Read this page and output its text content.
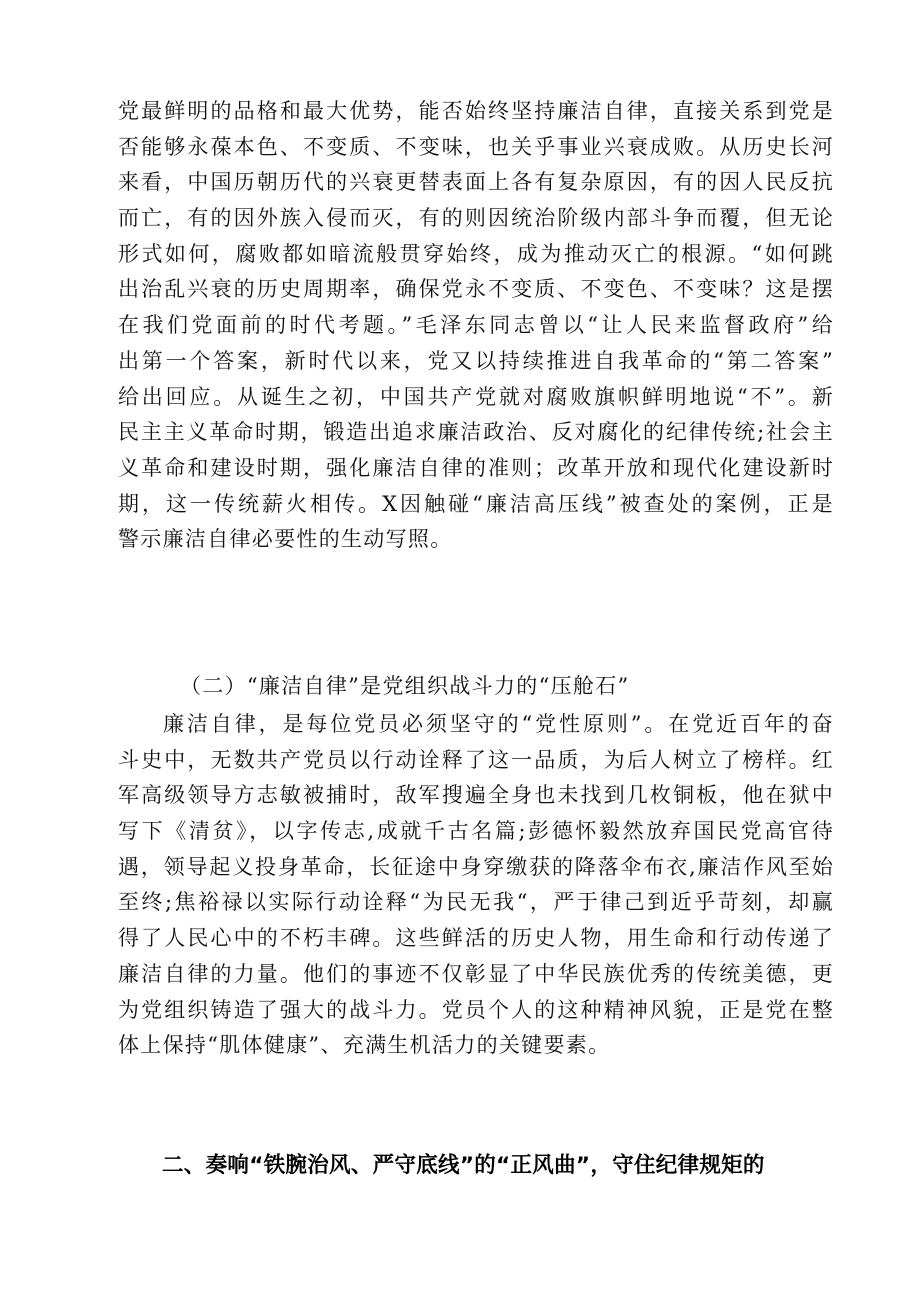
党最鲜明的品格和最大优势，能否始终坚持廉洁自律，直接关系到党是
否能够永葆本色、不变质、不变味，也关乎事业兴衰成败。从历史长河
来看，中国历朝历代的兴衰更替表面上各有复杂原因，有的因人民反抗
而亡，有的因外族入侵而灭，有的则因统治阶级内部斗争而覆，但无论
形式如何，腐败都如暗流般贯穿始终，成为推动灭亡的根源。“如何跳
出治乱兴衰的历史周期率，确保党永不变质、不变色、不变味？这是摆
在我们党面前的时代考题。”毛泽东同志曾以“让人民来监督政府”给
出第一个答案，新时代以来，党又以持续推进自我革命的“第二答案”
给出回应。从诞生之初，中国共产党就对腐败旗帜鲜明地说“不”。新
民主主义革命时期，锻造出追求廉洁政治、反对腐化的纪律传统;社会主
义革命和建设时期，强化廉洁自律的准则；改革开放和现代化建设新时
期，这一传统薪火相传。X因触碰“廉洁高压线”被查处的案例，正是
警示廉洁自律必要性的生动写照。
（二）“廉洁自律”是党组织战斗力的“压舱石”
廉洁自律，是每位党员必须坚守的“党性原则”。在党近百年的奋
斗史中，无数共产党员以行动诠释了这一品质，为后人树立了榜样。红
军高级领导方志敏被捕时，敌军搜遍全身也未找到几枚铜板，他在狱中
写下《清贫》，以字传志,成就千古名篇;彭德怀毅然放弃国民党高官待
遇，领导起义投身革命，长征途中身穿缴获的降落伞布衣,廉洁作风至始
至终;焦裕禄以实际行动诠释“为民无我“，严于律己到近乎苛刻，却赢
得了人民心中的不朽丰碑。这些鲜活的历史人物，用生命和行动传递了
廉洁自律的力量。他们的事迹不仅彰显了中华民族优秀的传统美德，更
为党组织铸造了强大的战斗力。党员个人的这种精神风貌，正是党在整
体上保持“肌体健康”、充满生机活力的关键要素。
二、奏响“铁腕治风、严守底线”的“正风曲”，守住纪律规矩的
